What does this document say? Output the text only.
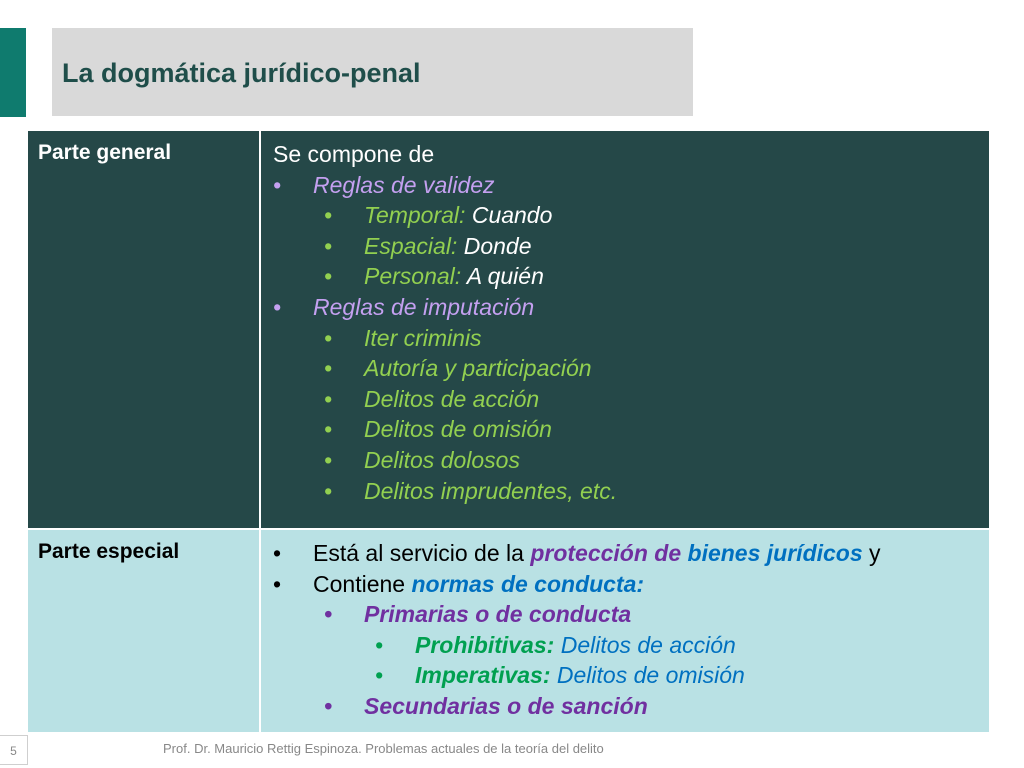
La dogmática jurídico-penal
Parte general	Se compone de
• Reglas de validez
• Temporal: Cuando
• Espacial: Donde
• Personal: A quién
• Reglas de imputación
• Iter criminis
• Autoría y participación
• Delitos de acción
• Delitos de omisión
• Delitos dolosos
• Delitos imprudentes, etc.
Parte especial	• Está al servicio de la protección de bienes jurídicos y
• Contiene normas de conducta:
• Primarias o de conducta
• Prohibitivas: Delitos de acción
• Imperativas: Delitos de omisión
• Secundarias o de sanción
5	Prof. Dr. Mauricio Rettig Espinoza. Problemas actuales de la teoría del delito
